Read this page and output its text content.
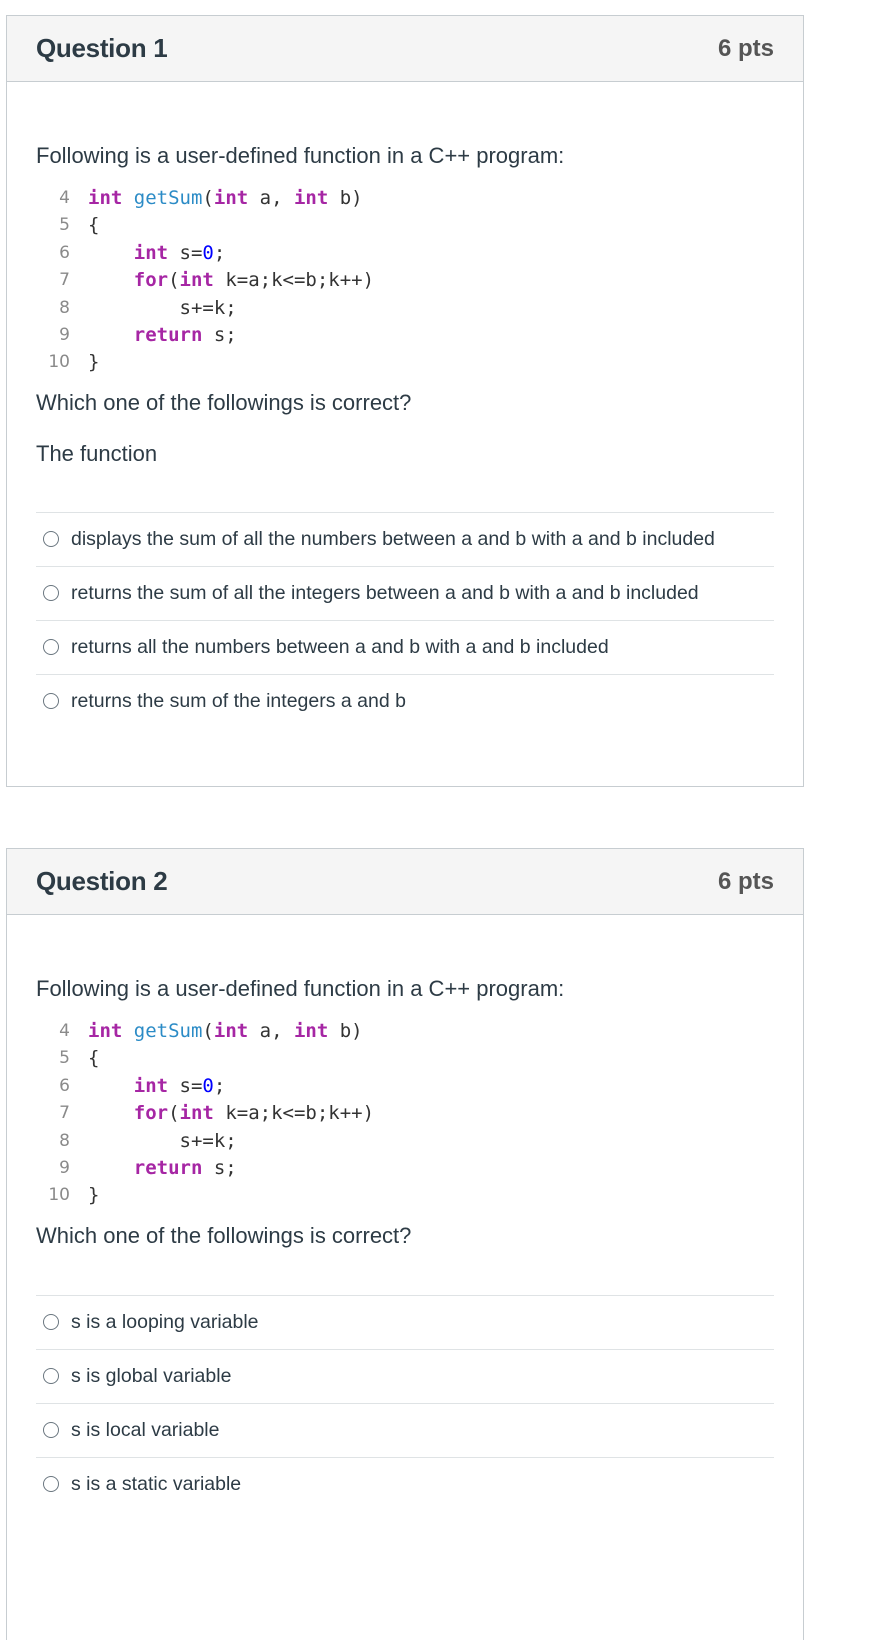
Question 1	6 pts

Following is a user-defined function in a C++ program:

4 int getSum(int a, int b)
5 {
6	int s=0;
7	for(int k=a;k<=b;k++)
8 s+=k;
9	return s;
10 }

Which one of the followings is correct?

The function

displays the sum of all the numbers between a and b with a and b included
returns the sum of all the integers between a and b with a and b included
returns all the numbers between a and b with a and b included
returns the sum of the integers a and b
Question 2	6 pts

Following is a user-defined function in a C++ program:

4 int getSum(int a, int b)
5 {
6	int s=0;
7	for(int k=a;k<=b;k++)
8 s+=k;
9	return s;
10 }

Which one of the followings is correct?

s is a looping variable
s is global variable
s is local variable
s is a static variable
